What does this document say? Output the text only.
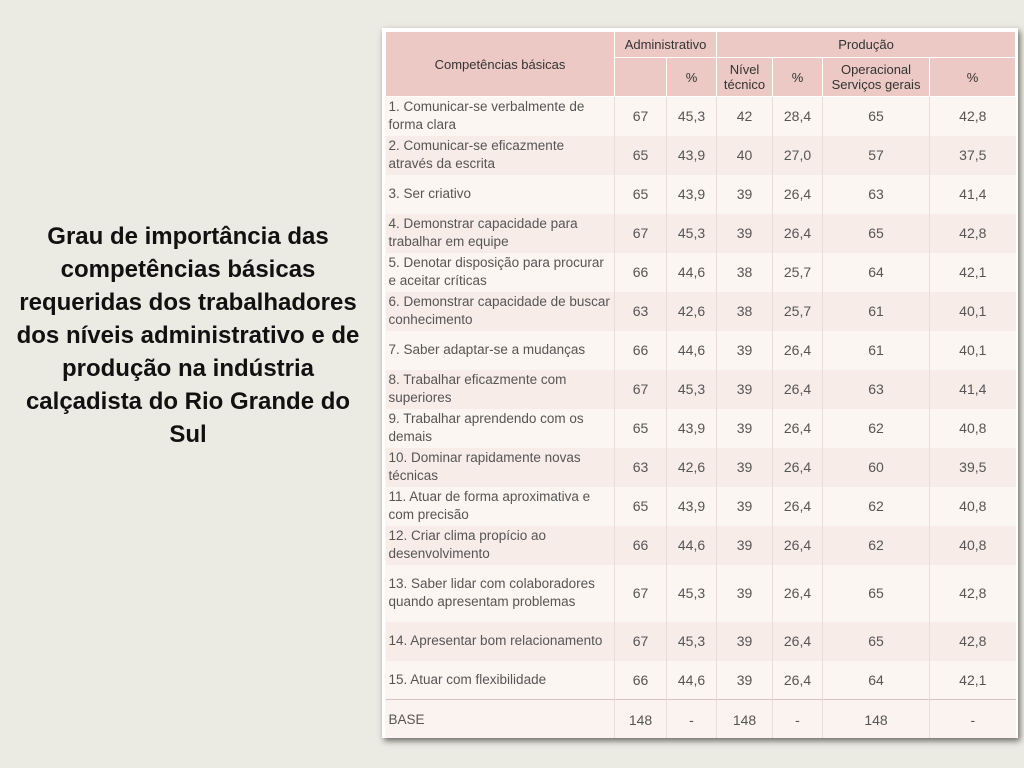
Grau de importância das competências básicas requeridas dos trabalhadores dos níveis administrativo e de produção na indústria calçadista do Rio Grande do Sul
Competências básicas	Administrativo		Produção			
		%	Nível técnico	%	Operacional Serviços gerais	%
1. Comunicar-se verbalmente de forma clara	67	45,3	42	28,4	65	42,8
2. Comunicar-se eficazmente através da escrita	65	43,9	40	27,0	57	37,5
3. Ser criativo	65	43,9	39	26,4	63	41,4
4. Demonstrar capacidade para trabalhar em equipe	67	45,3	39	26,4	65	42,8
5. Denotar disposição para procurar e aceitar críticas	66	44,6	38	25,7	64	42,1
6. Demonstrar capacidade de buscar conhecimento	63	42,6	38	25,7	61	40,1
7. Saber adaptar-se a mudanças	66	44,6	39	26,4	61	40,1
8. Trabalhar eficazmente com superiores	67	45,3	39	26,4	63	41,4
9. Trabalhar aprendendo com os demais	65	43,9	39	26,4	62	40,8
10. Dominar rapidamente novas técnicas	63	42,6	39	26,4	60	39,5
11. Atuar de forma aproximativa e com precisão	65	43,9	39	26,4	62	40,8
12. Criar clima propício ao desenvolvimento	66	44,6	39	26,4	62	40,8
13. Saber lidar com colaboradores quando apresentam problemas	67	45,3	39	26,4	65	42,8
14. Apresentar bom relacionamento	67	45,3	39	26,4	65	42,8
15. Atuar com flexibilidade	66	44,6	39	26,4	64	42,1
BASE	148	-	148	-	148	-
